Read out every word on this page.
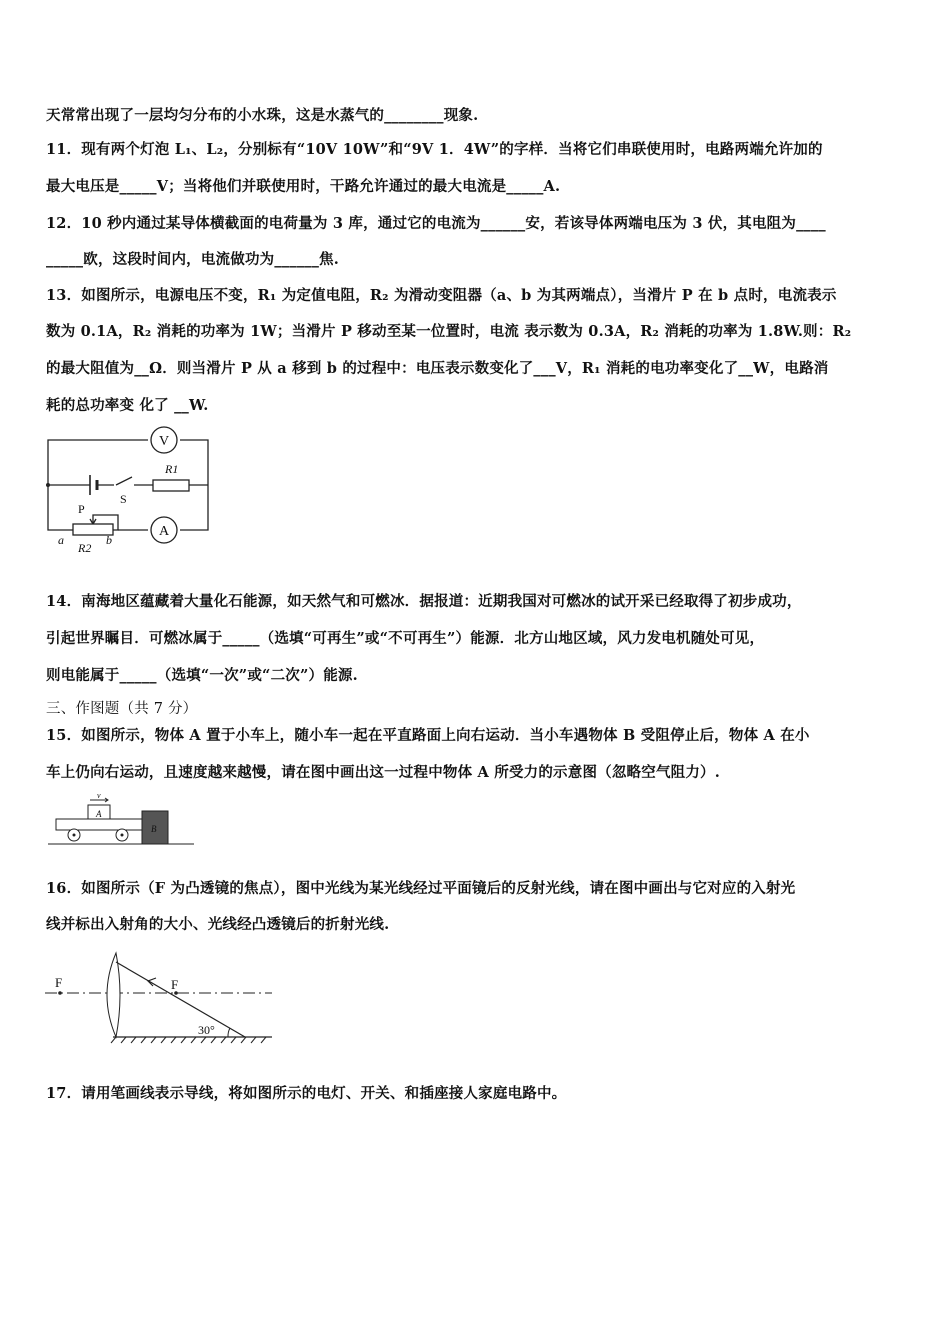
天常常出现了一层均匀分布的小水珠，这是水蒸气的________现象.
11．现有两个灯泡 L₁、L₂，分别标有“10V 10W”和“9V 1．4W”的字样．当将它们串联使用时，电路两端允许加的
最大电压是_____V；当将他们并联使用时，干路允许通过的最大电流是_____A.
12．10 秒内通过某导体横截面的电荷量为 3 库，通过它的电流为______安，若该导体两端电压为 3 伏，其电阻为____
_____欧，这段时间内，电流做功为______焦.
13．如图所示，电源电压不变，R₁ 为定值电阻，R₂ 为滑动变阻器（a、b 为其两端点），当滑片 P 在 b 点时，电流表示
数为 0.1A，R₂ 消耗的功率为 1W；当滑片 P 移动至某一位置时，电流 表示数为 0.3A，R₂ 消耗的功率为 1.8W.则：R₂
的最大阻值为__Ω．则当滑片 P 从 a 移到 b 的过程中：电压表示数变化了___V，R₁ 消耗的电功率变化了__W，电路消
耗的总功率变 化了 __W.
V
A
S
R1
P
a	b
R2
14．南海地区蕴藏着大量化石能源，如天然气和可燃冰．据报道：近期我国对可燃冰的试开采已经取得了初步成功，
引起世界瞩目．可燃冰属于_____（选填“可再生”或“不可再生”）能源．北方山地区域，风力发电机随处可见，
则电能属于_____（选填“一次”或“二次”）能源.
三、作图题（共 7 分）
15．如图所示，物体 A 置于小车上，随小车一起在平直路面上向右运动．当小车遇物体 B 受阻停止后，物体 A 在小
车上仍向右运动，且速度越来越慢，请在图中画出这一过程中物体 A 所受力的示意图（忽略空气阻力）.
v
A
B
16．如图所示（F 为凸透镜的焦点），图中光线为某光线经过平面镜后的反射光线，请在图中画出与它对应的入射光
线并标出入射角的大小、光线经凸透镜后的折射光线.
F	F
30°
17．请用笔画线表示导线，将如图所示的电灯、开关、和插座接人家庭电路中。
